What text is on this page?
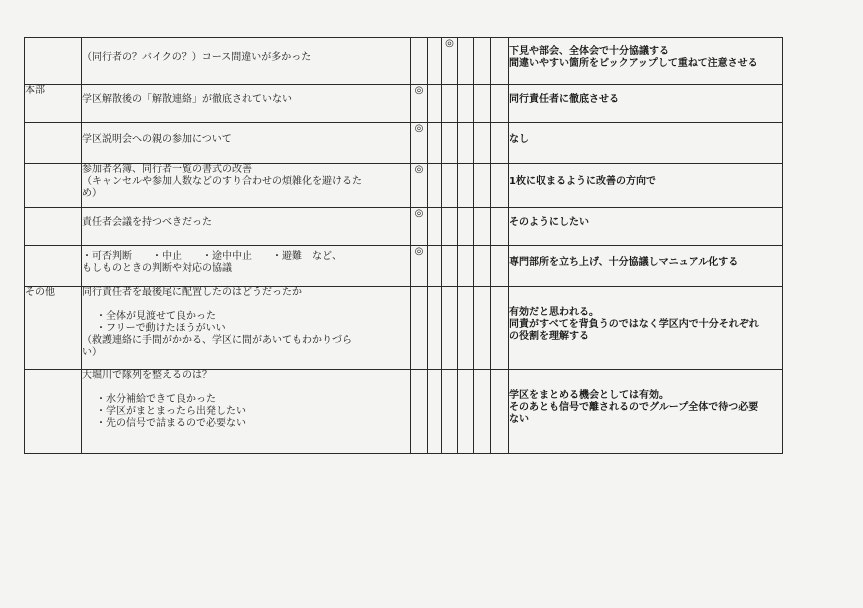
	（同行者の？バイクの？）コース間違いが多かった			◎				下見や部会、全体会で十分協議する
間違いやすい箇所をピックアップして重ねて注意させる

本部	学区解散後の「解散連絡」が徹底されていない	◎						同行責任者に徹底させる

	学区説明会への親の参加について	◎						なし

	参加者名簿、同行者一覧の書式の改善
（キャンセルや参加人数などのすり合わせの煩雑化を避けるた
め）	◎						1枚に収まるように改善の方向で

	責任者会議を持つべきだった	◎						そのようにしたい

	・可否判断　　・中止　　・途中中止　　・避難　など、
もしものときの判断や対応の協議	◎						専門部所を立ち上げ、十分協議しマニュアル化する

その他	同行責任者を最後尾に配置したのはどうだったか
・全体が見渡せて良かった
・フリーで動けたほうがいい
（救護連絡に手間がかかる、学区に間があいてもわかりづら
い）							有効だと思われる。
同責がすべてを背負うのではなく学区内で十分それぞれ
の役割を理解する

	大堀川で隊列を整えるのは？
・水分補給できて良かった
・学区がまとまったら出発したい
・先の信号で詰まるので必要ない							学区をまとめる機会としては有効。
そのあとも信号で離されるのでグループ全体で待つ必要
ない
